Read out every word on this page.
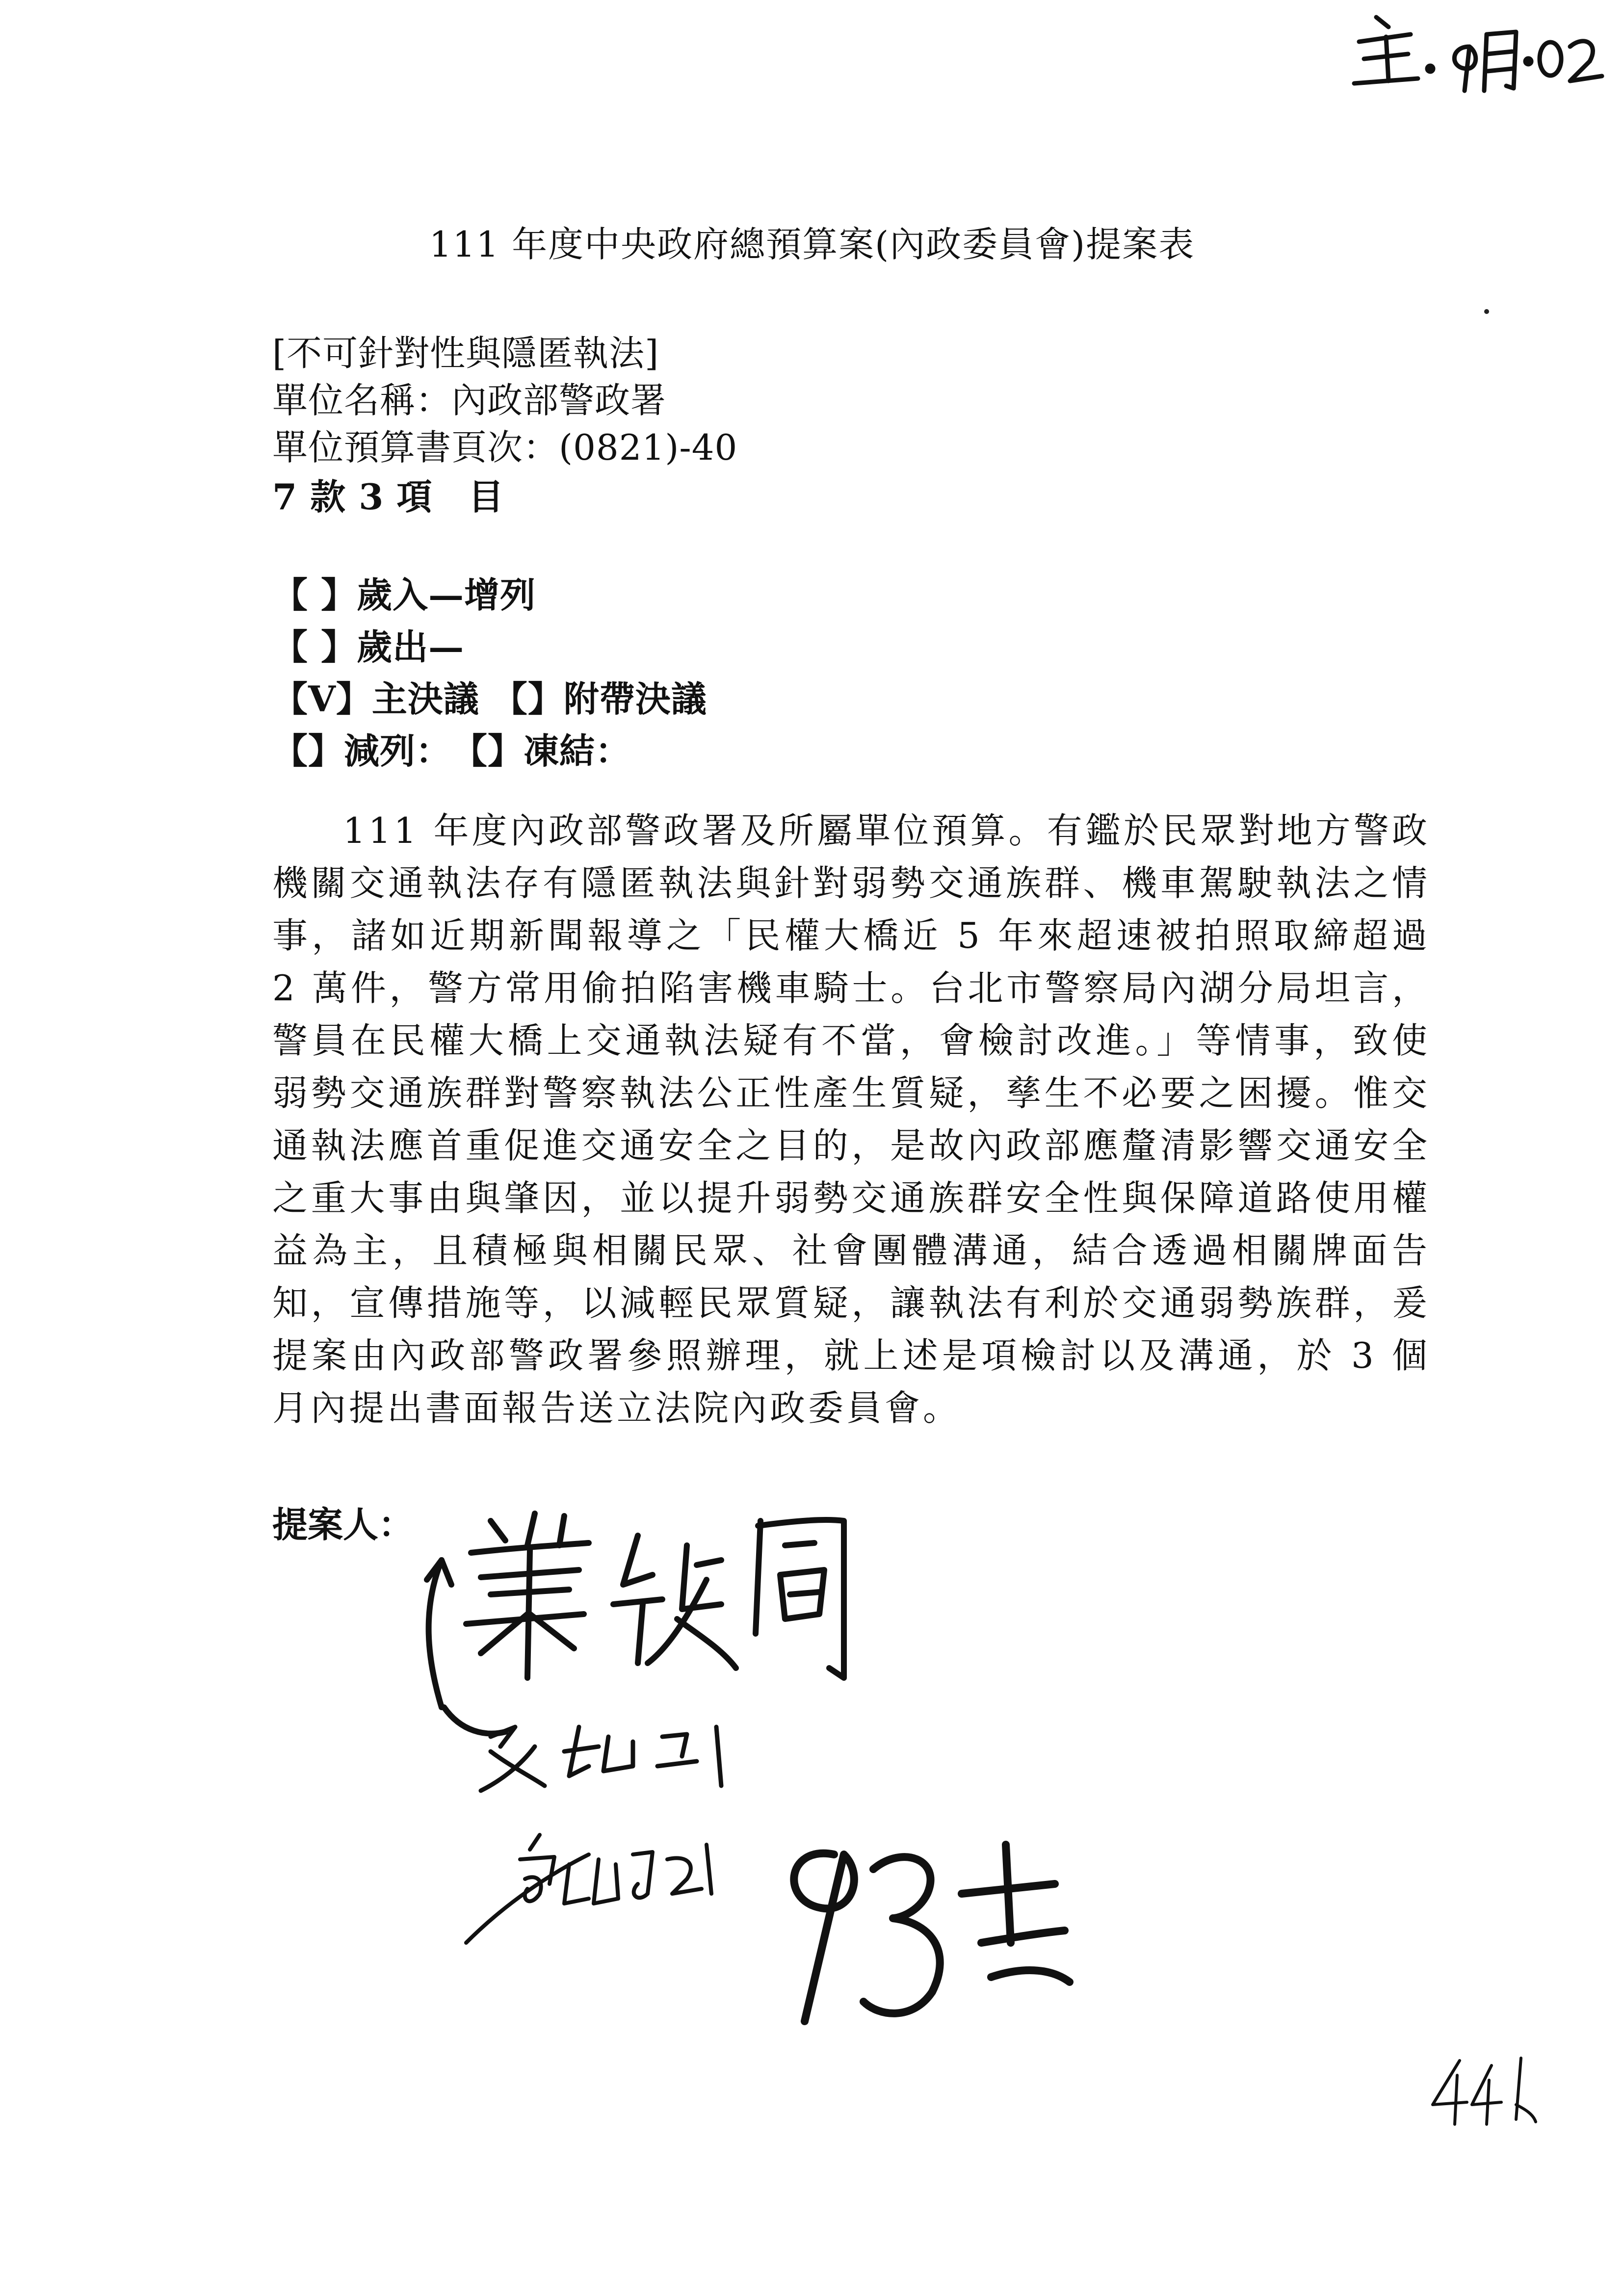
111 年度中央政府總預算案(內政委員會)提案表
[不可針對性與隱匿執法]
單位名稱：內政部警政署
單位預算書頁次：(0821)-40
7 款 3 項　目
【 】歲入—增列
【 】歲出—
【V】主決議 【】附帶決議
【】減列：　【】凍結：
111 年度內政部警政署及所屬單位預算。有鑑於民眾對地方警政機關交通執法存有隱匿執法與針對弱勢交通族群、機車駕駛執法之情事，諸如近期新聞報導之「民權大橋近 5 年來超速被拍照取締超過 2 萬件，警方常用偷拍陷害機車騎士。台北市警察局內湖分局坦言，警員在民權大橋上交通執法疑有不當，會檢討改進。」等情事，致使弱勢交通族群對警察執法公正性產生質疑，孳生不必要之困擾。惟交通執法應首重促進交通安全之目的，是故內政部應釐清影響交通安全之重大事由與肇因，並以提升弱勢交通族群安全性與保障道路使用權益為主，且積極與相關民眾、社會團體溝通，結合透過相關牌面告知，宣傳措施等，以減輕民眾質疑，讓執法有利於交通弱勢族群，爰提案由內政部警政署參照辦理，就上述是項檢討以及溝通，於 3 個月內提出書面報告送立法院內政委員會。
提案人：
